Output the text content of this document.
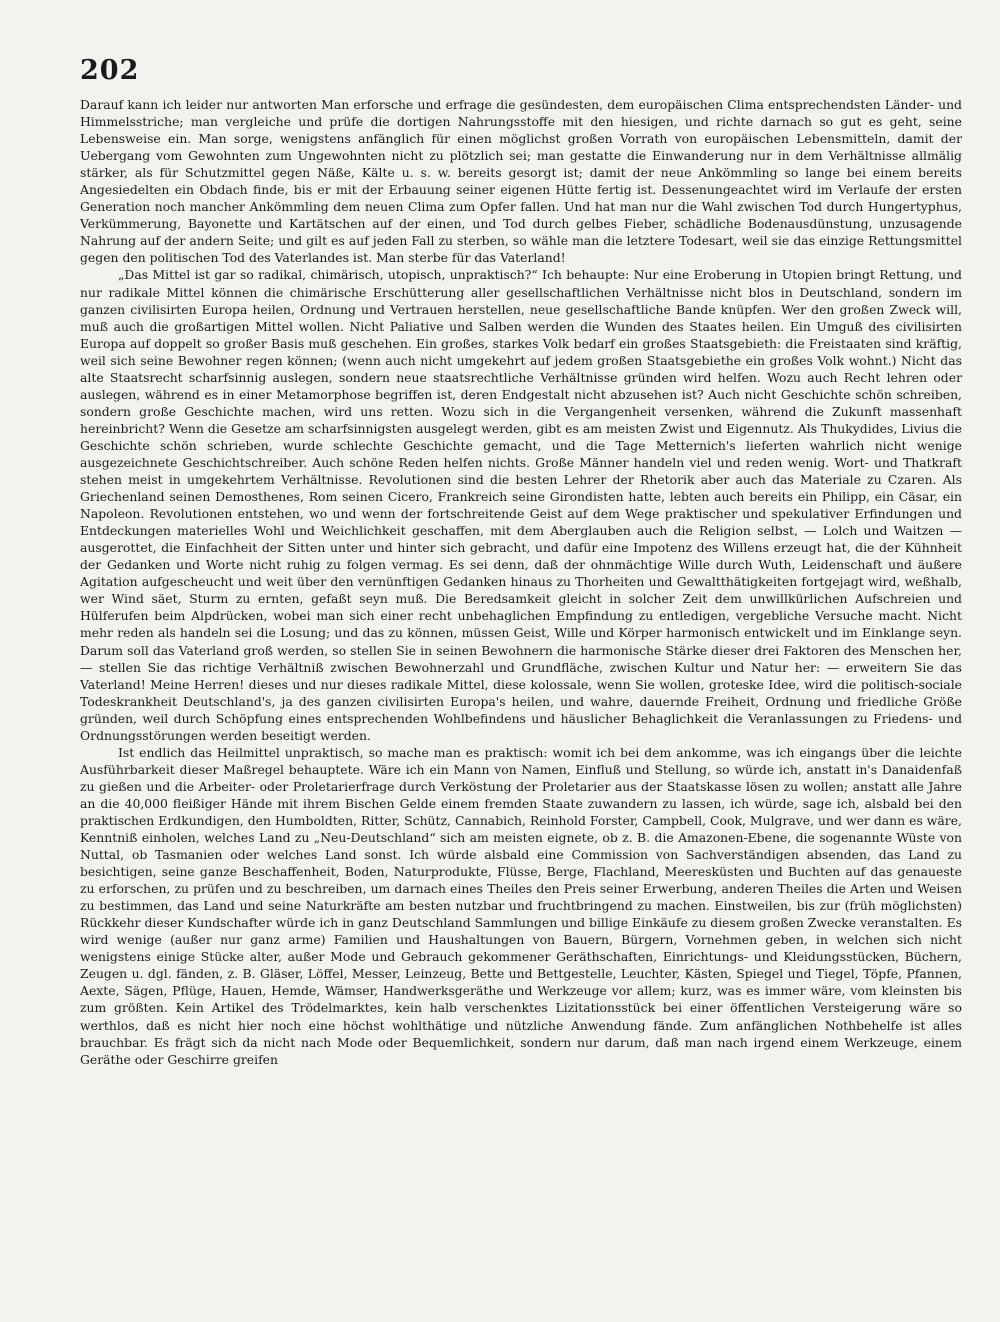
202

Darauf kann ich leider nur antworten Man erforsche und erfrage die gesündesten, dem europäischen Clima entsprechendsten Länder- und Himmelsstriche; man vergleiche und prüfe die dortigen Nahrungsstoffe mit den hiesigen, und richte darnach so gut es geht, seine Lebensweise ein. Man sorge, wenigstens anfänglich für einen möglichst großen Vorrath von europäischen Lebensmitteln, damit der Uebergang vom Gewohnten zum Ungewohnten nicht zu plötzlich sei; man gestatte die Einwanderung nur in dem Verhältnisse allmälig stärker, als für Schutzmittel gegen Näße, Kälte u. s. w. bereits gesorgt ist; damit der neue Ankömmling so lange bei einem bereits Angesiedelten ein Obdach finde, bis er mit der Erbauung seiner eigenen Hütte fertig ist. Dessenungeachtet wird im Verlaufe der ersten Generation noch mancher Ankömmling dem neuen Clima zum Opfer fallen. Und hat man nur die Wahl zwischen Tod durch Hungertyphus, Verkümmerung, Bayonette und Kartätschen auf der einen, und Tod durch gelbes Fieber, schädliche Bodenausdünstung, unzusagende Nahrung auf der andern Seite; und gilt es auf jeden Fall zu sterben, so wähle man die letztere Todesart, weil sie das einzige Rettungsmittel gegen den politischen Tod des Vaterlandes ist. Man sterbe für das Vaterland!

„Das Mittel ist gar so radikal, chimärisch, utopisch, unpraktisch?“ Ich behaupte: Nur eine Eroberung in Utopien bringt Rettung, und nur radikale Mittel können die chimärische Erschütterung aller gesellschaftlichen Verhältnisse nicht blos in Deutschland, sondern im ganzen civilisirten Europa heilen, Ordnung und Vertrauen herstellen, neue gesellschaftliche Bande knüpfen. Wer den großen Zweck will, muß auch die großartigen Mittel wollen. Nicht Paliative und Salben werden die Wunden des Staates heilen. Ein Umguß des civilisirten Europa auf doppelt so großer Basis muß geschehen. Ein großes, starkes Volk bedarf ein großes Staatsgebieth: die Freistaaten sind kräftig, weil sich seine Bewohner regen können; (wenn auch nicht umgekehrt auf jedem großen Staatsgebiethe ein großes Volk wohnt.) Nicht das alte Staatsrecht scharfsinnig auslegen, sondern neue staatsrechtliche Verhältnisse gründen wird helfen. Wozu auch Recht lehren oder auslegen, während es in einer Metamorphose begriffen ist, deren Endgestalt nicht abzusehen ist? Auch nicht Geschichte schön schreiben, sondern große Geschichte machen, wird uns retten. Wozu sich in die Vergangenheit versenken, während die Zukunft massenhaft hereinbricht? Wenn die Gesetze am scharfsinnigsten ausgelegt werden, gibt es am meisten Zwist und Eigennutz. Als Thukydides, Livius die Geschichte schön schrieben, wurde schlechte Geschichte gemacht, und die Tage Metternich's lieferten wahrlich nicht wenige ausgezeichnete Geschichtschreiber. Auch schöne Reden helfen nichts. Große Männer handeln viel und reden wenig. Wort- und Thatkraft stehen meist in umgekehrtem Verhältnisse. Revolutionen sind die besten Lehrer der Rhetorik aber auch das Materiale zu Czaren. Als Griechenland seinen Demosthenes, Rom seinen Cicero, Frankreich seine Girondisten hatte, lebten auch bereits ein Philipp, ein Cäsar, ein Napoleon. Revolutionen entstehen, wo und wenn der fortschreitende Geist auf dem Wege praktischer und spekulativer Erfindungen und Entdeckungen materielles Wohl und Weichlichkeit geschaffen, mit dem Aberglauben auch die Religion selbst, — Lolch und Waitzen — ausgerottet, die Einfachheit der Sitten unter und hinter sich gebracht, und dafür eine Impotenz des Willens erzeugt hat, die der Kühnheit der Gedanken und Worte nicht ruhig zu folgen vermag. Es sei denn, daß der ohnmächtige Wille durch Wuth, Leidenschaft und äußere Agitation aufgescheucht und weit über den vernünftigen Gedanken hinaus zu Thorheiten und Gewaltthätigkeiten fortgejagt wird, weßhalb, wer Wind säet, Sturm zu ernten, gefaßt seyn muß. Die Beredsamkeit gleicht in solcher Zeit dem unwillkürlichen Aufschreien und Hülferufen beim Alpdrücken, wobei man sich einer recht unbehaglichen Empfindung zu entledigen, vergebliche Versuche macht. Nicht mehr reden als handeln sei die Losung; und das zu können, müssen Geist, Wille und Körper harmonisch entwickelt und im Einklange seyn. Darum soll das Vaterland groß werden, so stellen Sie in seinen Bewohnern die harmonische Stärke dieser drei Faktoren des Menschen her, — stellen Sie das richtige Verhältniß zwischen Bewohnerzahl und Grundfläche, zwischen Kultur und Natur her: — erweitern Sie das Vaterland! Meine Herren! dieses und nur dieses radikale Mittel, diese kolossale, wenn Sie wollen, groteske Idee, wird die politisch-sociale Todeskrankheit Deutschland's, ja des ganzen civilisirten Europa's heilen, und wahre, dauernde Freiheit, Ordnung und friedliche Größe gründen, weil durch Schöpfung eines entsprechenden Wohlbefindens und häuslicher Behaglichkeit die Veranlassungen zu Friedens- und Ordnungsstörungen werden beseitigt werden.

Ist endlich das Heilmittel unpraktisch, so mache man es praktisch: womit ich bei dem ankomme, was ich eingangs über die leichte Ausführbarkeit dieser Maßregel behauptete. Wäre ich ein Mann von Namen, Einfluß und Stellung, so würde ich, anstatt in's Danaidenfaß zu gießen und die Arbeiter- oder Proletarierfrage durch Verköstung der Proletarier aus der Staatskasse lösen zu wollen; anstatt alle Jahre an die 40,000 fleißiger Hände mit ihrem Bischen Gelde einem fremden Staate zuwandern zu lassen, ich würde, sage ich, alsbald bei den praktischen Erdkundigen, den Humboldten, Ritter, Schütz, Cannabich, Reinhold Forster, Campbell, Cook, Mulgrave, und wer dann es wäre, Kenntniß einholen, welches Land zu „Neu-Deutschland“ sich am meisten eignete, ob z. B. die Amazonen-Ebene, die sogenannte Wüste von Nuttal, ob Tasmanien oder welches Land sonst. Ich würde alsbald eine Commission von Sachverständigen absenden, das Land zu besichtigen, seine ganze Beschaffenheit, Boden, Naturprodukte, Flüsse, Berge, Flachland, Meeresküsten und Buchten auf das genaueste zu erforschen, zu prüfen und zu beschreiben, um darnach eines Theiles den Preis seiner Erwerbung, anderen Theiles die Arten und Weisen zu bestimmen, das Land und seine Naturkräfte am besten nutzbar und fruchtbringend zu machen. Einstweilen, bis zur (früh möglichsten) Rückkehr dieser Kundschafter würde ich in ganz Deutschland Sammlungen und billige Einkäufe zu diesem großen Zwecke veranstalten. Es wird wenige (außer nur ganz arme) Familien und Haushaltungen von Bauern, Bürgern, Vornehmen geben, in welchen sich nicht wenigstens einige Stücke alter, außer Mode und Gebrauch gekommener Geräthschaften, Einrichtungs- und Kleidungsstücken, Büchern, Zeugen u. dgl. fänden, z. B. Gläser, Löffel, Messer, Leinzeug, Bette und Bettgestelle, Leuchter, Kästen, Spiegel und Tiegel, Töpfe, Pfannen, Aexte, Sägen, Pflüge, Hauen, Hemde, Wämser, Handwerksgeräthe und Werkzeuge vor allem; kurz, was es immer wäre, vom kleinsten bis zum größten. Kein Artikel des Trödelmarktes, kein halb verschenktes Lizitationsstück bei einer öffentlichen Versteigerung wäre so werthlos, daß es nicht hier noch eine höchst wohlthätige und nützliche Anwendung fände. Zum anfänglichen Nothbehelfe ist alles brauchbar. Es frägt sich da nicht nach Mode oder Bequemlichkeit, sondern nur darum, daß man nach irgend einem Werkzeuge, einem Geräthe oder Geschirre greifen
